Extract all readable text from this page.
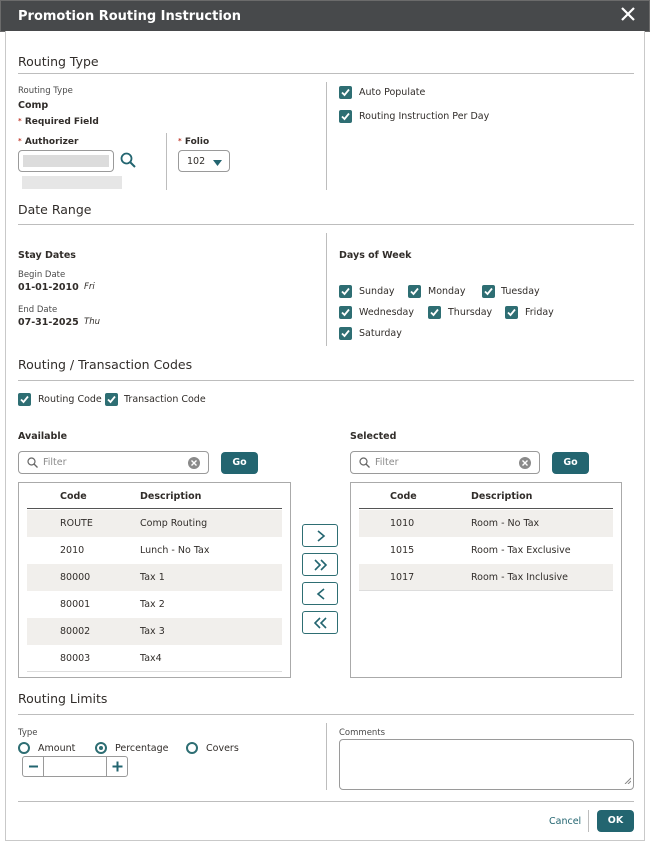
Promotion Routing Instruction
Routing Type
Routing Type
Comp
* Required Field
* Authorizer	* Folio
102
Auto Populate
Routing Instruction Per Day
Date Range
Stay Dates
Begin Date
01-01-2010 Fri
End Date
07-31-2025 Thu
Days of Week
Sunday	Monday	Tuesday
Wednesday	Thursday	Friday
Saturday
Routing / Transaction Codes
Routing Code Transaction Code
Available	Selected
Filter	Go	Filter	Go
Code	Description
ROUTE	Comp Routing
2010	Lunch - No Tax
80000	Tax 1
80001	Tax 2
80002	Tax 3
80003	Tax4
Code	Description
1010	Room - No Tax
1015	Room - Tax Exclusive
1017	Room - Tax Inclusive
Routing Limits
Type
Amount	Percentage	Covers
Comments
Cancel	OK
